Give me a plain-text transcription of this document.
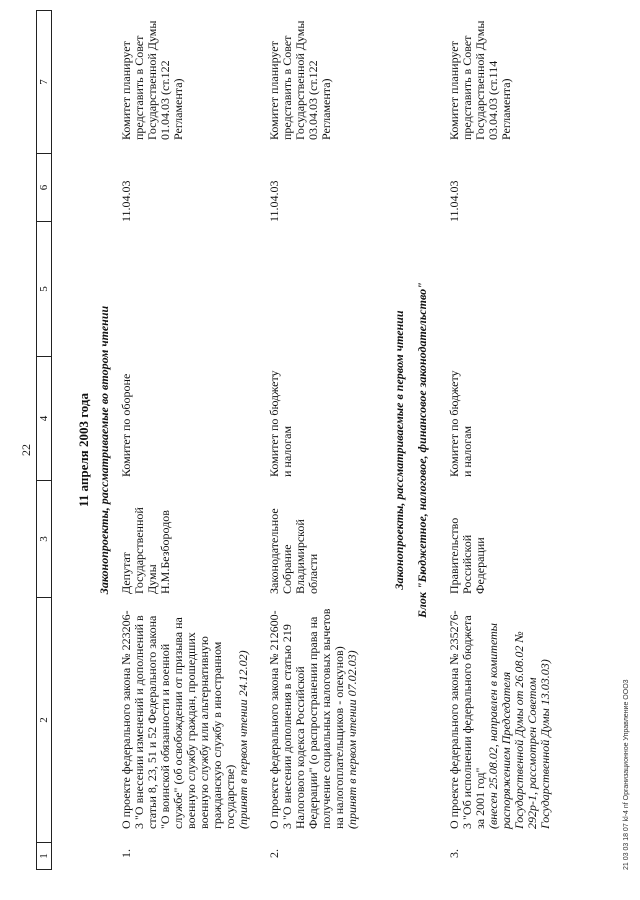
22
1
2
3
4
5
6
7
11 апреля 2003 года Законопроекты, рассматриваемые во втором чтении
1.
О проекте федерального закона № 223206-3 "О внесении изменений и дополнений в статьи 8, 23, 51 и 52 Федерального закона "О воинской обязанности и военной службе" (об освобождении от призыва на военную службу граждан, прошедших военную службу или альтернативную гражданскую службу в иностранном государстве) (принят в первом чтении 24.12.02)
Депутат Государственной Думы Н.М.Безбородов
Комитет по обороне
11.04.03
Комитет планирует представить в Совет Государственной Думы 01.04.03 (ст.122 Регламента)
2.
О проекте федерального закона № 212600-3 "О внесении дополнения в статью 219 Налогового кодекса Российской Федерации" (о распространении права на получение социальных налоговых вычетов на налогоплательщиков - опекунов) (принят в первом чтении 07.02.03)
Законодательное Собрание Владимирской области
Комитет по бюджету и налогам
11.04.03
Комитет планирует представить в Совет Государственной Думы 03.04.03 (ст.122 Регламента)
Законопроекты, рассматриваемые в первом чтении Блок "Бюджетное, налоговое, финансовое законодательство"
3.
О проекте федерального закона № 235276-3 "Об исполнении федерального бюджета за 2001 год" (внесен 25.08.02, направлен в комитеты распоряжением Председателя Государственной Думы от 26.08.02 № 292р-1, рассмотрен Советом Государственной Думы 13.03.03)
Правительство Российской Федерации
Комитет по бюджету и налогам
11.04.03
Комитет планирует представить в Совет Государственной Думы 03.04.03 (ст.114 Регламента)
21 03 03 18 07 kl-4 nf Организационное Управление ООО3
